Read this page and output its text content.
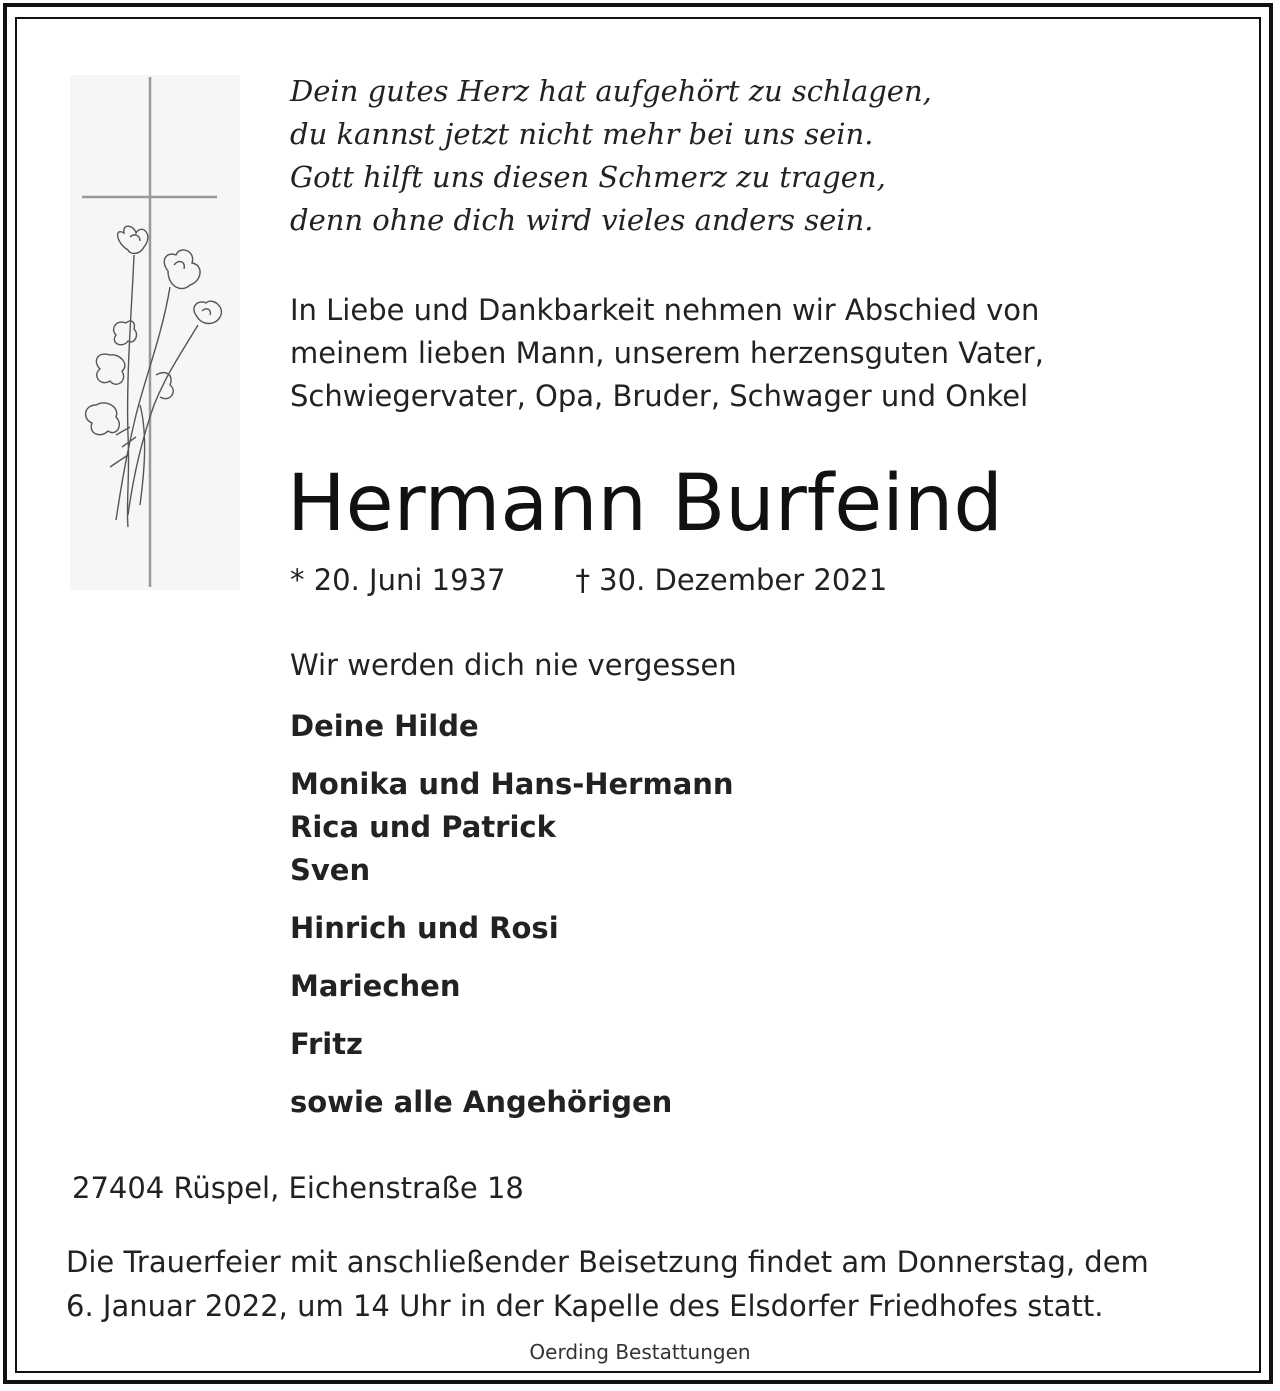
Dein gutes Herz hat aufgehört zu schlagen,
du kannst jetzt nicht mehr bei uns sein.
Gott hilft uns diesen Schmerz zu tragen,
denn ohne dich wird vieles anders sein.
In Liebe und Dankbarkeit nehmen wir Abschied von
meinem lieben Mann, unserem herzensguten Vater,
Schwiegervater, Opa, Bruder, Schwager und Onkel
Hermann Burfeind
* 20. Juni 1937 † 30. Dezember 2021
Wir werden dich nie vergessen
Deine Hilde
Monika und Hans-Hermann
Rica und Patrick
Sven
Hinrich und Rosi
Mariechen
Fritz
sowie alle Angehörigen
27404 Rüspel, Eichenstraße 18
Die Trauerfeier mit anschließender Beisetzung findet am Donnerstag, dem
6. Januar 2022, um 14 Uhr in der Kapelle des Elsdorfer Friedhofes statt.
Oerding Bestattungen
